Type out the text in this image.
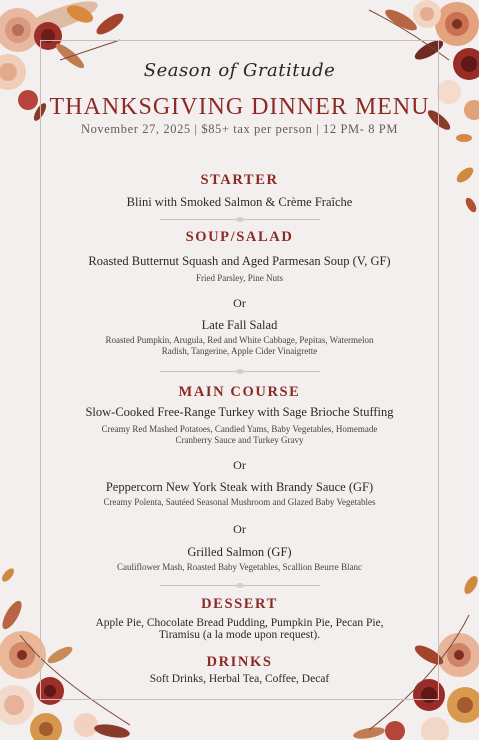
Season of Gratitude
THANKSGIVING DINNER MENU
November 27, 2025 | $85+ tax per person | 12 PM- 8 PM
STARTER
Blini with Smoked Salmon & Crème Fraîche
SOUP/SALAD
Roasted Butternut Squash and Aged Parmesan Soup (V, GF)
Fried Parsley, Pine Nuts
Or
Late Fall Salad
Roasted Pumpkin, Arugula, Red and White Cabbage, Pepitas, Watermelon
Radish, Tangerine, Apple Cider Vinaigrette
MAIN COURSE
Slow-Cooked Free-Range Turkey with Sage Brioche Stuffing
Creamy Red Mashed Potatoes, Candied Yams, Baby Vegetables, Homemade
Cranberry Sauce and Turkey Gravy
Or
Peppercorn New York Steak with Brandy Sauce (GF)
Creamy Polenta, Sautéed Seasonal Mushroom and Glazed Baby Vegetables
Or
Grilled Salmon (GF)
Cauliflower Mash, Roasted Baby Vegetables, Scallion Beurre Blanc
DESSERT
Apple Pie, Chocolate Bread Pudding, Pumpkin Pie, Pecan Pie,
Tiramisu (a la mode upon request).
DRINKS
Soft Drinks, Herbal Tea, Coffee, Decaf
